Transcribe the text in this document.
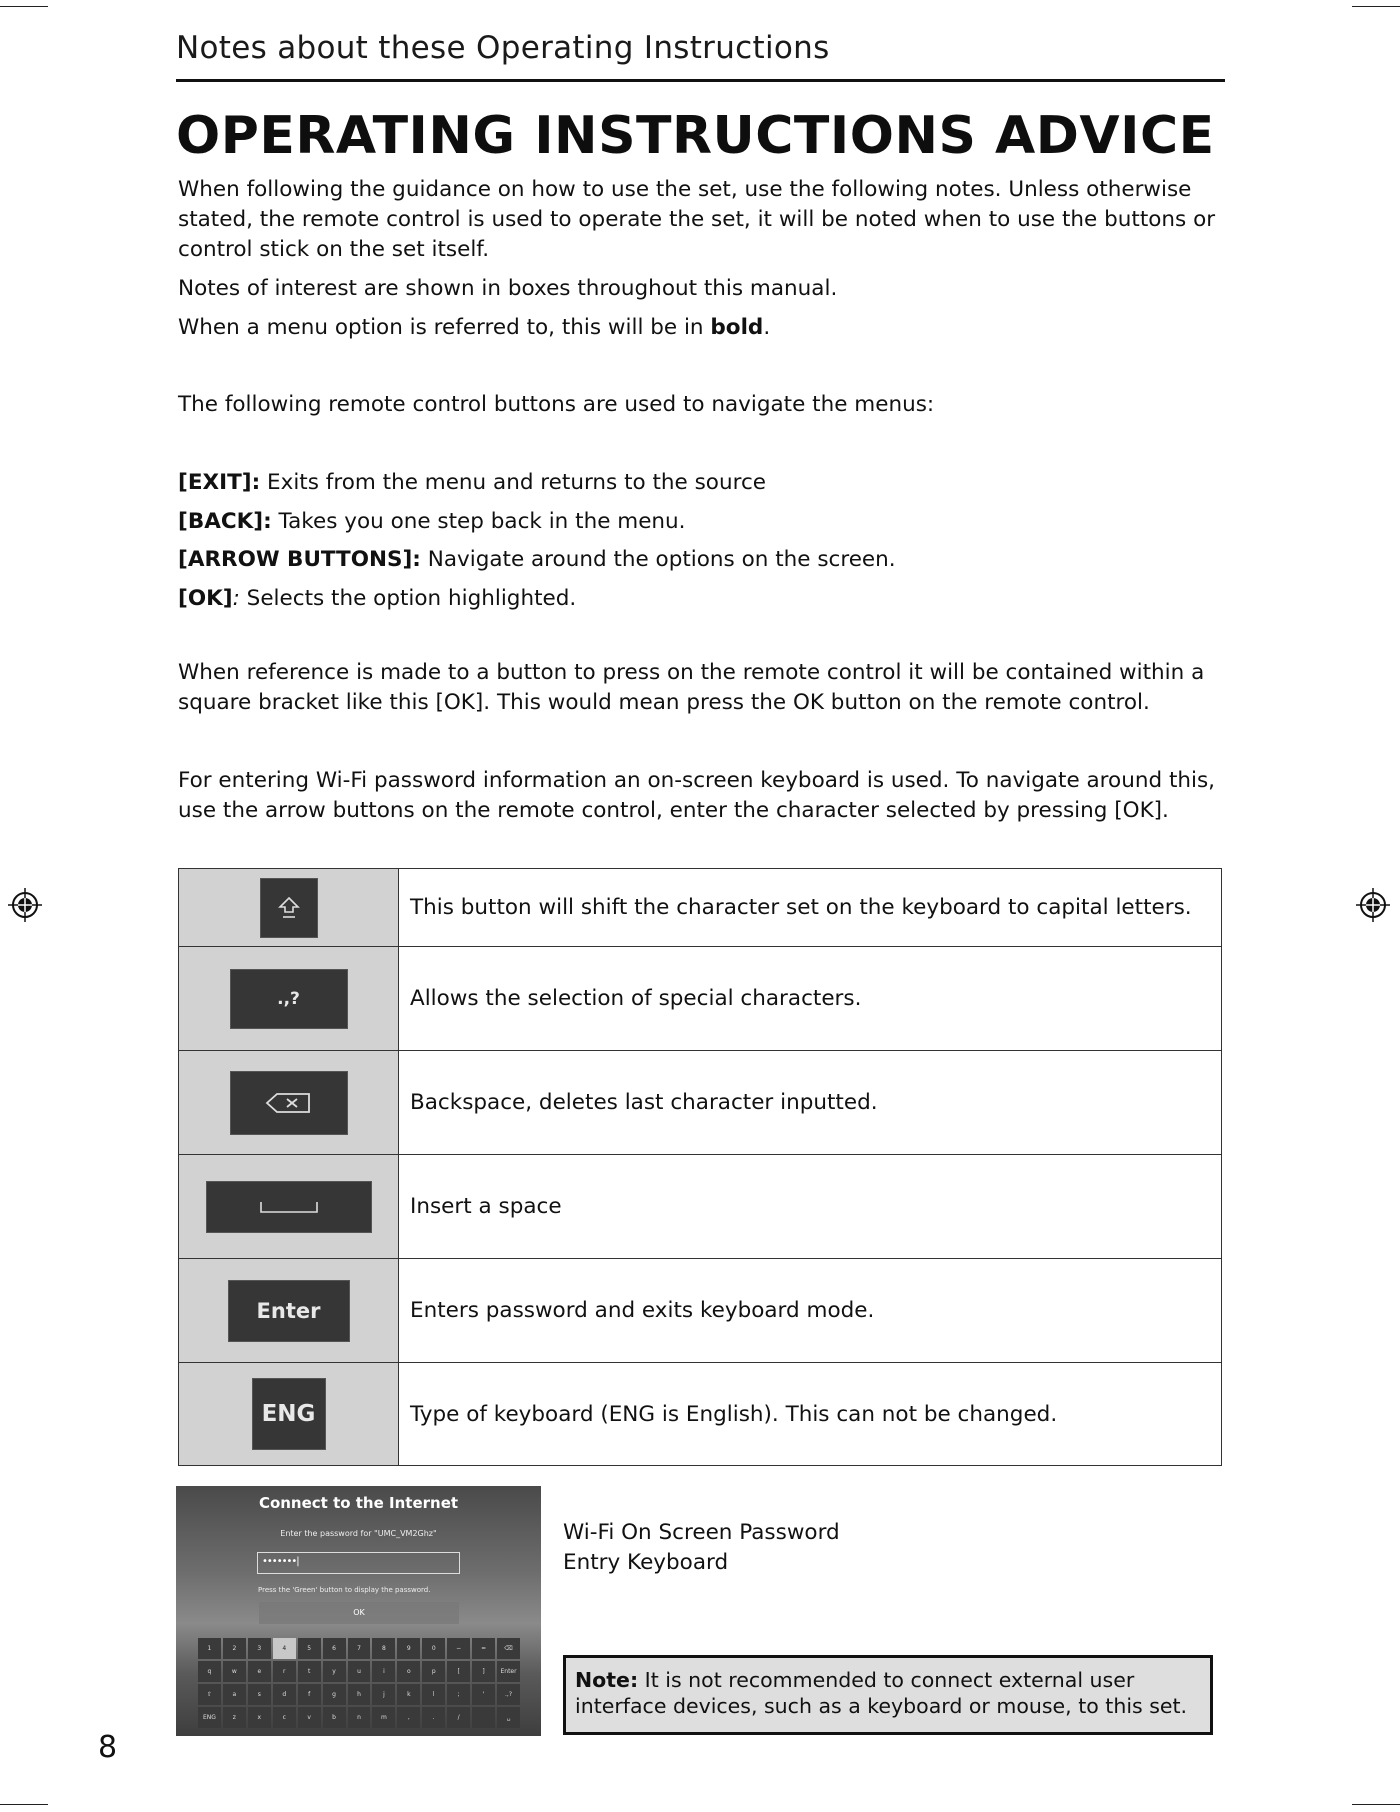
Notes about these Operating Instructions
OPERATING INSTRUCTIONS ADVICE
When following the guidance on how to use the set, use the following notes. Unless otherwise stated, the remote control is used to operate the set, it will be noted when to use the buttons or control stick on the set itself.
Notes of interest are shown in boxes throughout this manual.
When a menu option is referred to, this will be in bold.
The following remote control buttons are used to navigate the menus:
[EXIT]: Exits from the menu and returns to the source
[BACK]: Takes you one step back in the menu.
[ARROW BUTTONS]: Navigate around the options on the screen.
[OK]: Selects the option highlighted.
When reference is made to a button to press on the remote control it will be contained within a square bracket like this [OK]. This would mean press the OK button on the remote control.
For entering Wi-Fi password information an on-screen keyboard is used. To navigate around this, use the arrow buttons on the remote control, enter the character selected by pressing [OK].
	This button will shift the character set on the keyboard to capital letters.
.,?	Allows the selection of special characters.

	Backspace, deletes last character inputted.

	Insert a space
Enter	Enters password and exits keyboard mode.
ENG	Type of keyboard (ENG is English). This can not be changed.
Connect to the Internet
Enter the password for "UMC_VM2Ghz"
•••••••|
Press the 'Green' button to display the password.
OK
1	2	3	4	5	6	7	8	9	0	−	=	⌫
q	w	e	r	t	y	u	i	o	p	[	]	Enter
⇧	a	s	d	f	g	h	j	k	l	;	'	.,?
ENG	z	x	c	v	b	n	m	,	.	/	␣
Wi-Fi On Screen Password
Entry Keyboard
Note: It is not recommended to connect external user interface devices, such as a keyboard or mouse, to this set.
8
